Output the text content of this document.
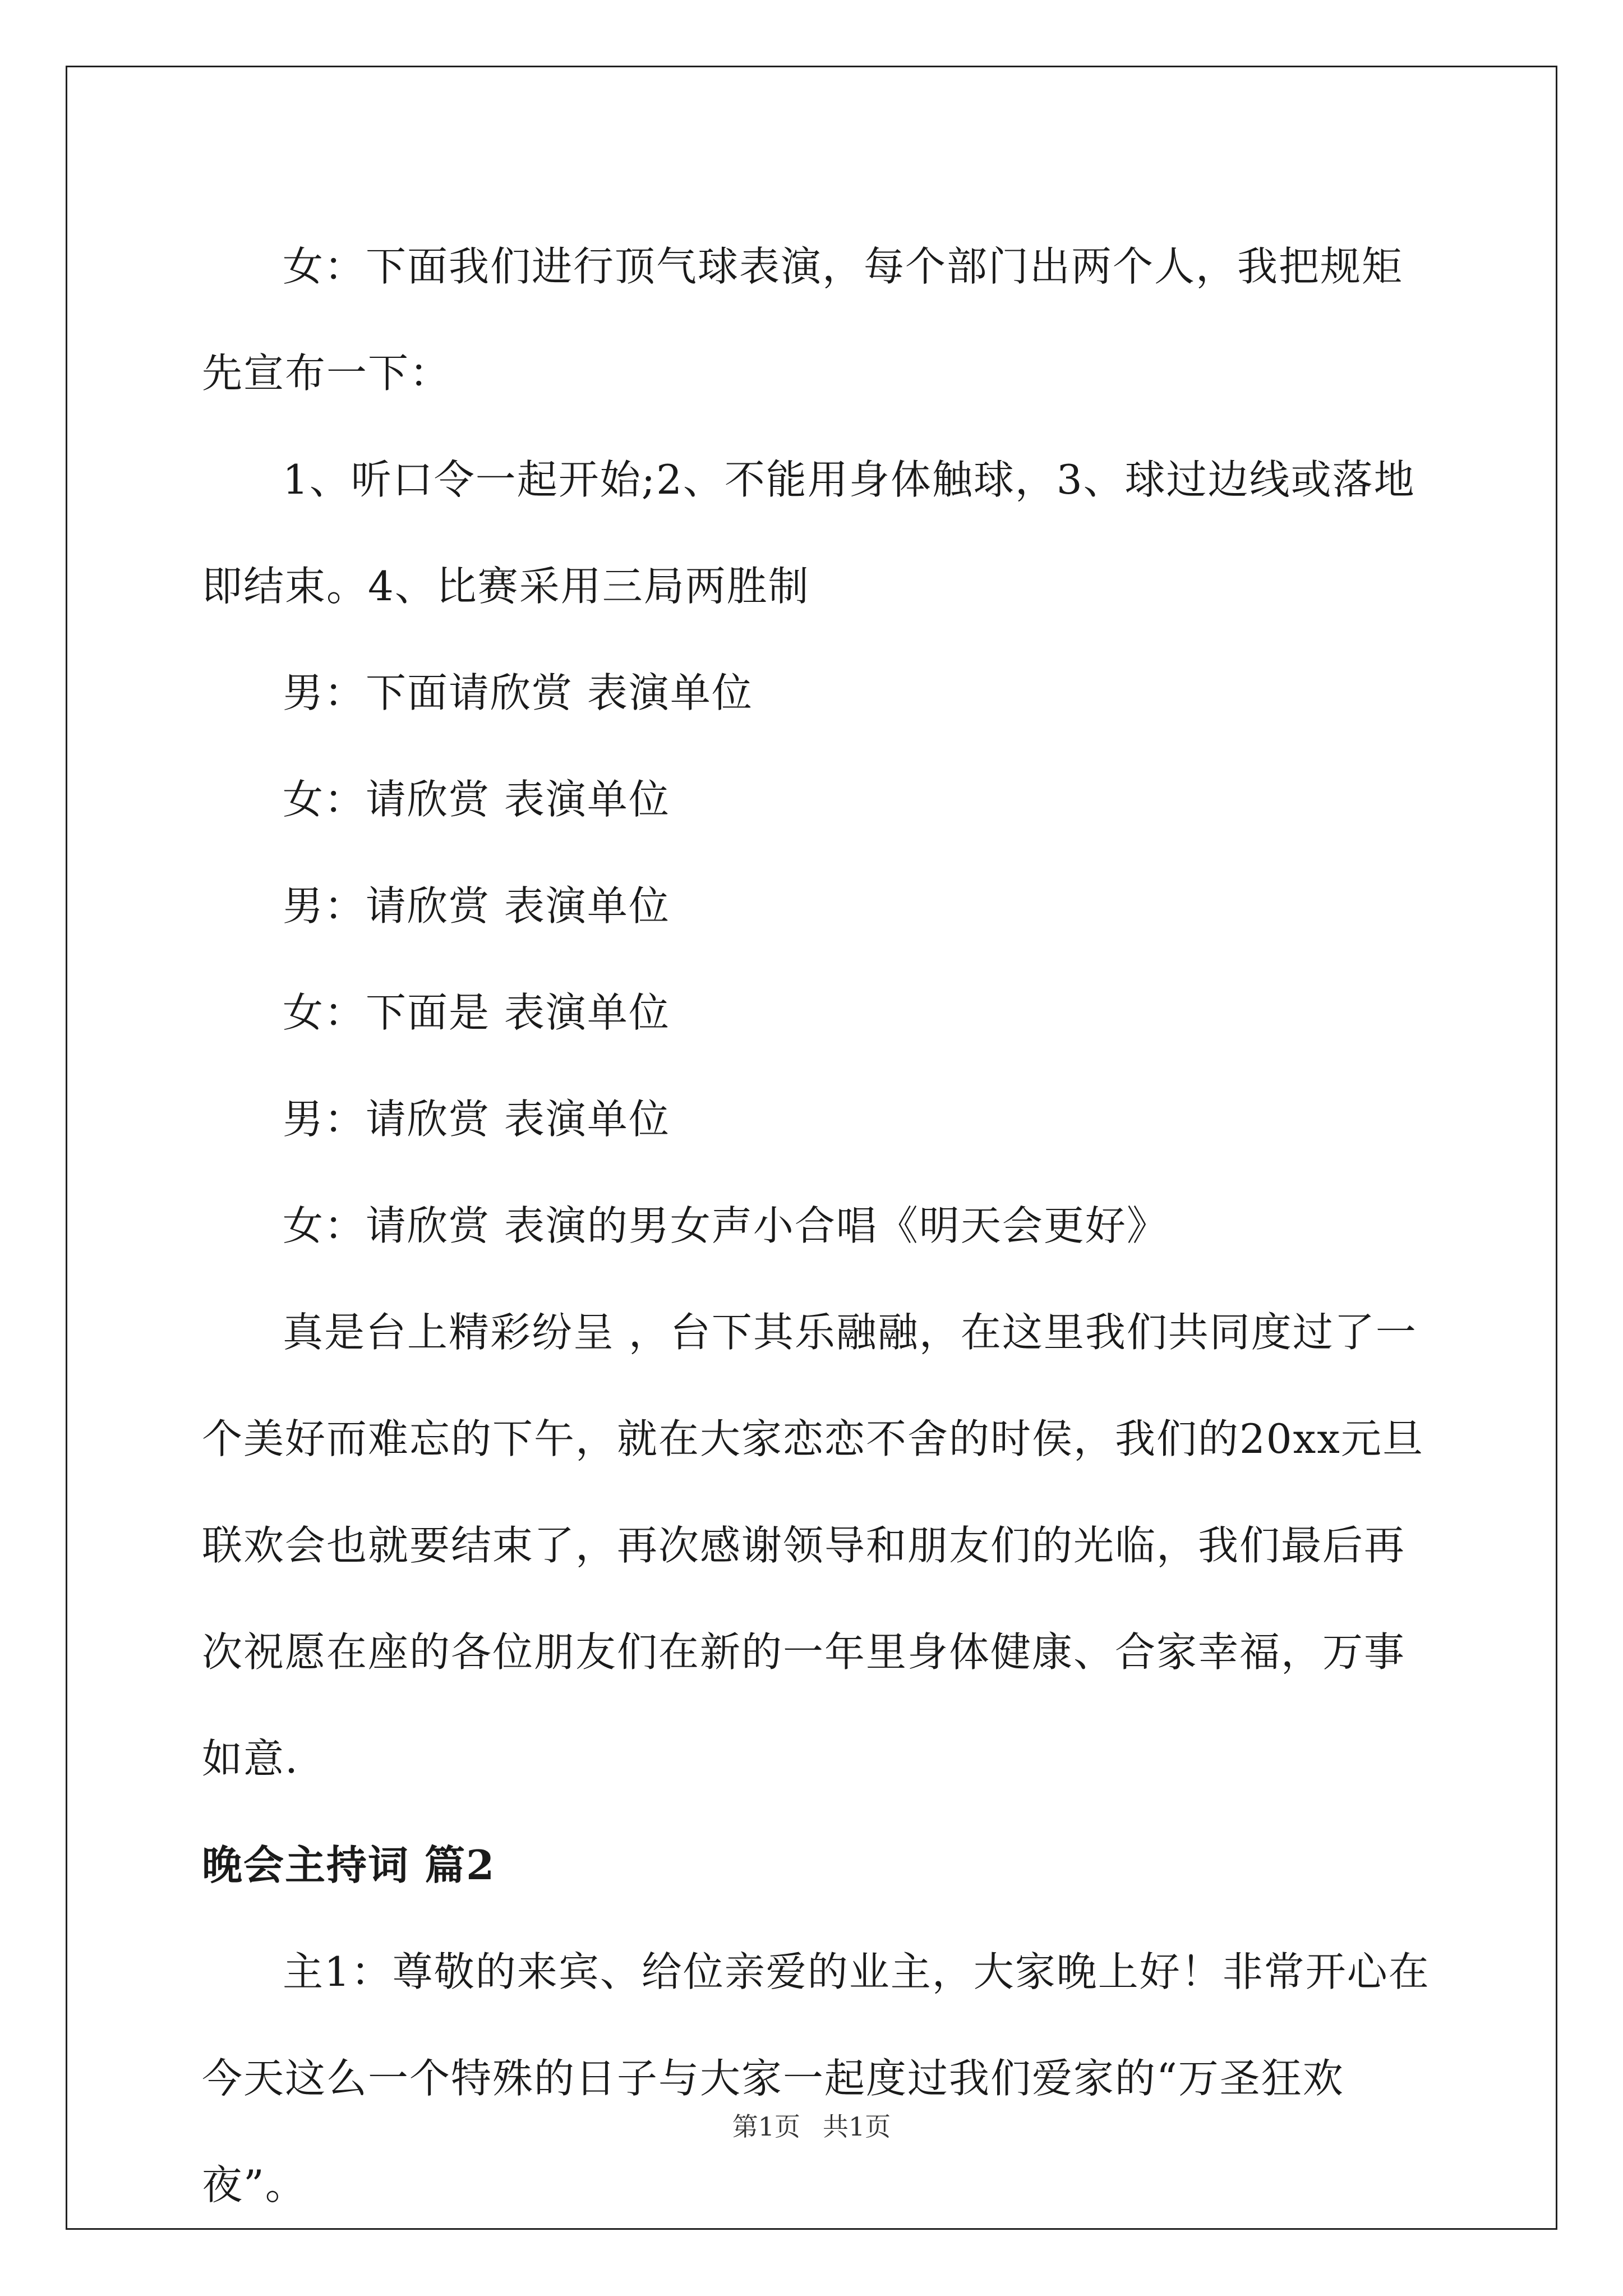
女：下面我们进行顶气球表演，每个部门出两个人，我把规矩先宣布一下：

1、听口令一起开始;2、不能用身体触球，3、球过边线或落地即结束。4、比赛采用三局两胜制

男：下面请欣赏 表演单位

女：请欣赏 表演单位

男：请欣赏 表演单位

女：下面是 表演单位

男：请欣赏 表演单位

女：请欣赏 表演的男女声小合唱《明天会更好》

真是台上精彩纷呈 ，台下其乐融融，在这里我们共同度过了一个美好而难忘的下午，就在大家恋恋不舍的时侯，我们的20xx元旦联欢会也就要结束了，再次感谢领导和朋友们的光临，我们最后再次祝愿在座的各位朋友们在新的一年里身体健康、合家幸福，万事如意.

晚会主持词 篇2

主1：尊敬的来宾、给位亲爱的业主，大家晚上好！非常开心在今天这么一个特殊的日子与大家一起度过我们爱家的“万圣狂欢夜”。

第1页 共1页
